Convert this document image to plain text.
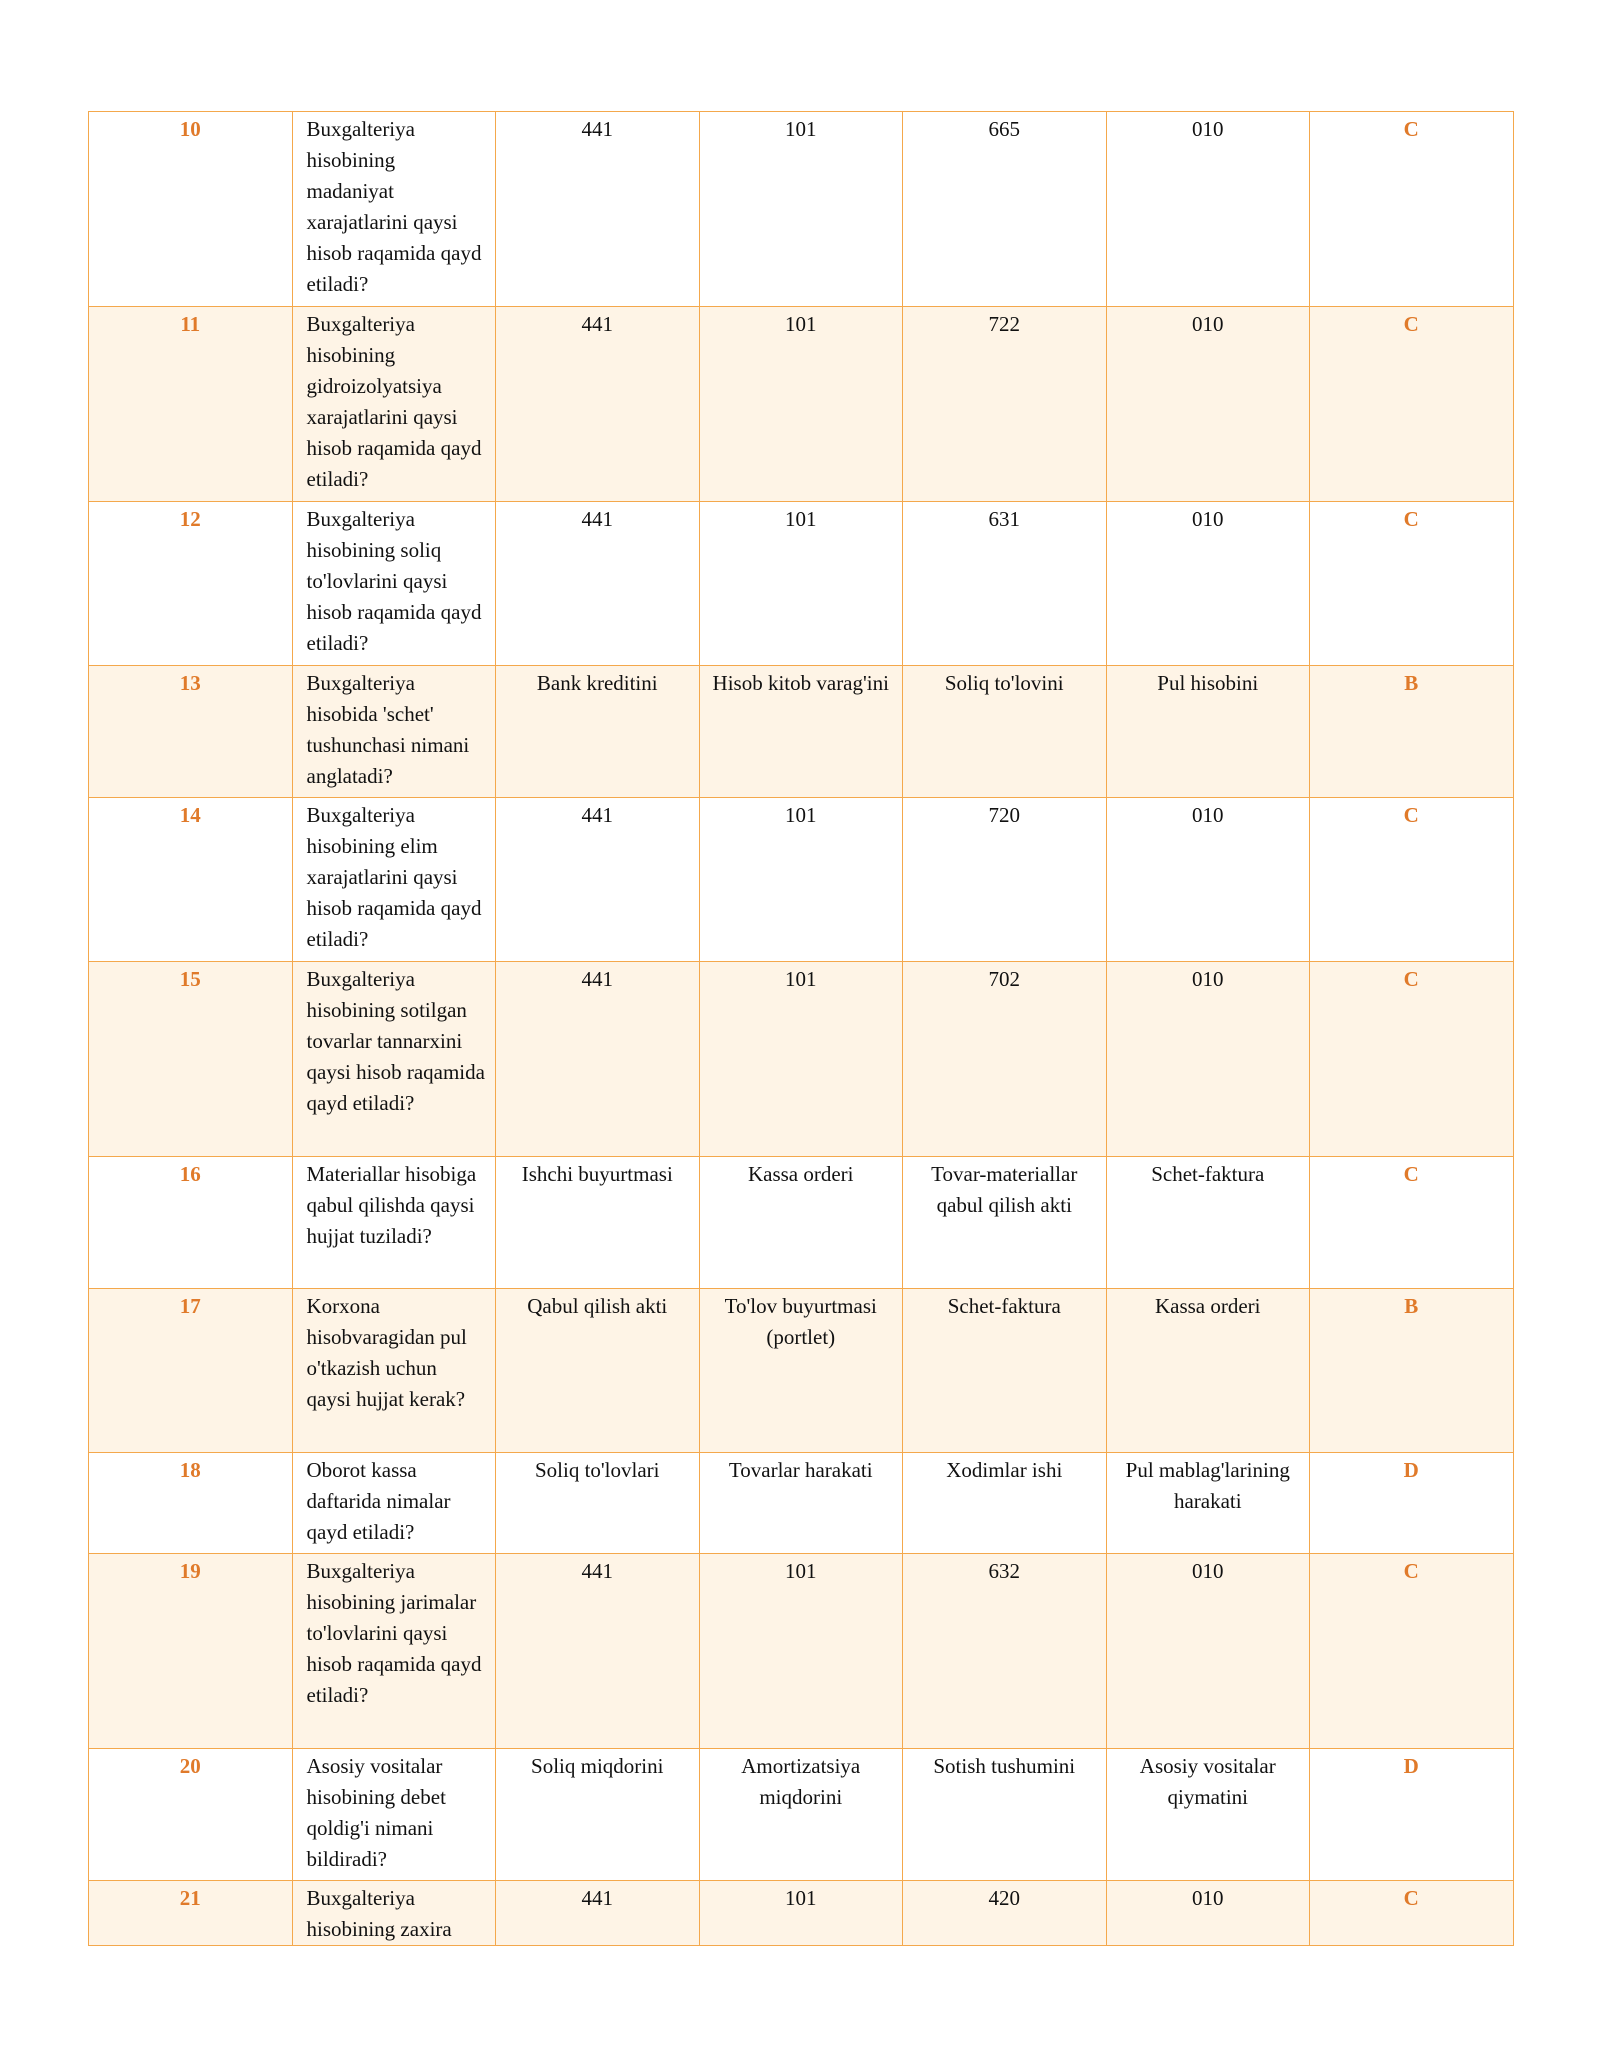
10	Buxgalteriya hisobining madaniyat xarajatlarini qaysi hisob raqamida qayd etiladi?	441	101	665	010	C
11	Buxgalteriya hisobining gidroizolyatsiya xarajatlarini qaysi hisob raqamida qayd etiladi?	441	101	722	010	C
12	Buxgalteriya hisobining soliq to'lovlarini qaysi hisob raqamida qayd etiladi?	441	101	631	010	C
13	Buxgalteriya hisobida 'schet' tushunchasi nimani anglatadi?	Bank kreditini	Hisob kitob varag'ini	Soliq to'lovini	Pul hisobini	B
14	Buxgalteriya hisobining elim xarajatlarini qaysi hisob raqamida qayd etiladi?	441	101	720	010	C
15	Buxgalteriya hisobining sotilgan tovarlar tannarxini qaysi hisob raqamida qayd etiladi?	441	101	702	010	C
16	Materiallar hisobiga qabul qilishda qaysi hujjat tuziladi?	Ishchi buyurtmasi	Kassa orderi	Tovar-materiallar qabul qilish akti	Schet-faktura	C
17	Korxona hisobvaragidan pul o'tkazish uchun qaysi hujjat kerak?	Qabul qilish akti	To'lov buyurtmasi (portlet)	Schet-faktura	Kassa orderi	B
18	Oborot kassa daftarida nimalar qayd etiladi?	Soliq to'lovlari	Tovarlar harakati	Xodimlar ishi	Pul mablag'larining harakati	D
19	Buxgalteriya hisobining jarimalar to'lovlarini qaysi hisob raqamida qayd etiladi?	441	101	632	010	C
20	Asosiy vositalar hisobining debet qoldig'i nimani bildiradi?	Soliq miqdorini	Amortizatsiya miqdorini	Sotish tushumini	Asosiy vositalar qiymatini	D
21	Buxgalteriya hisobining zaxira	441	101	420	010	C
